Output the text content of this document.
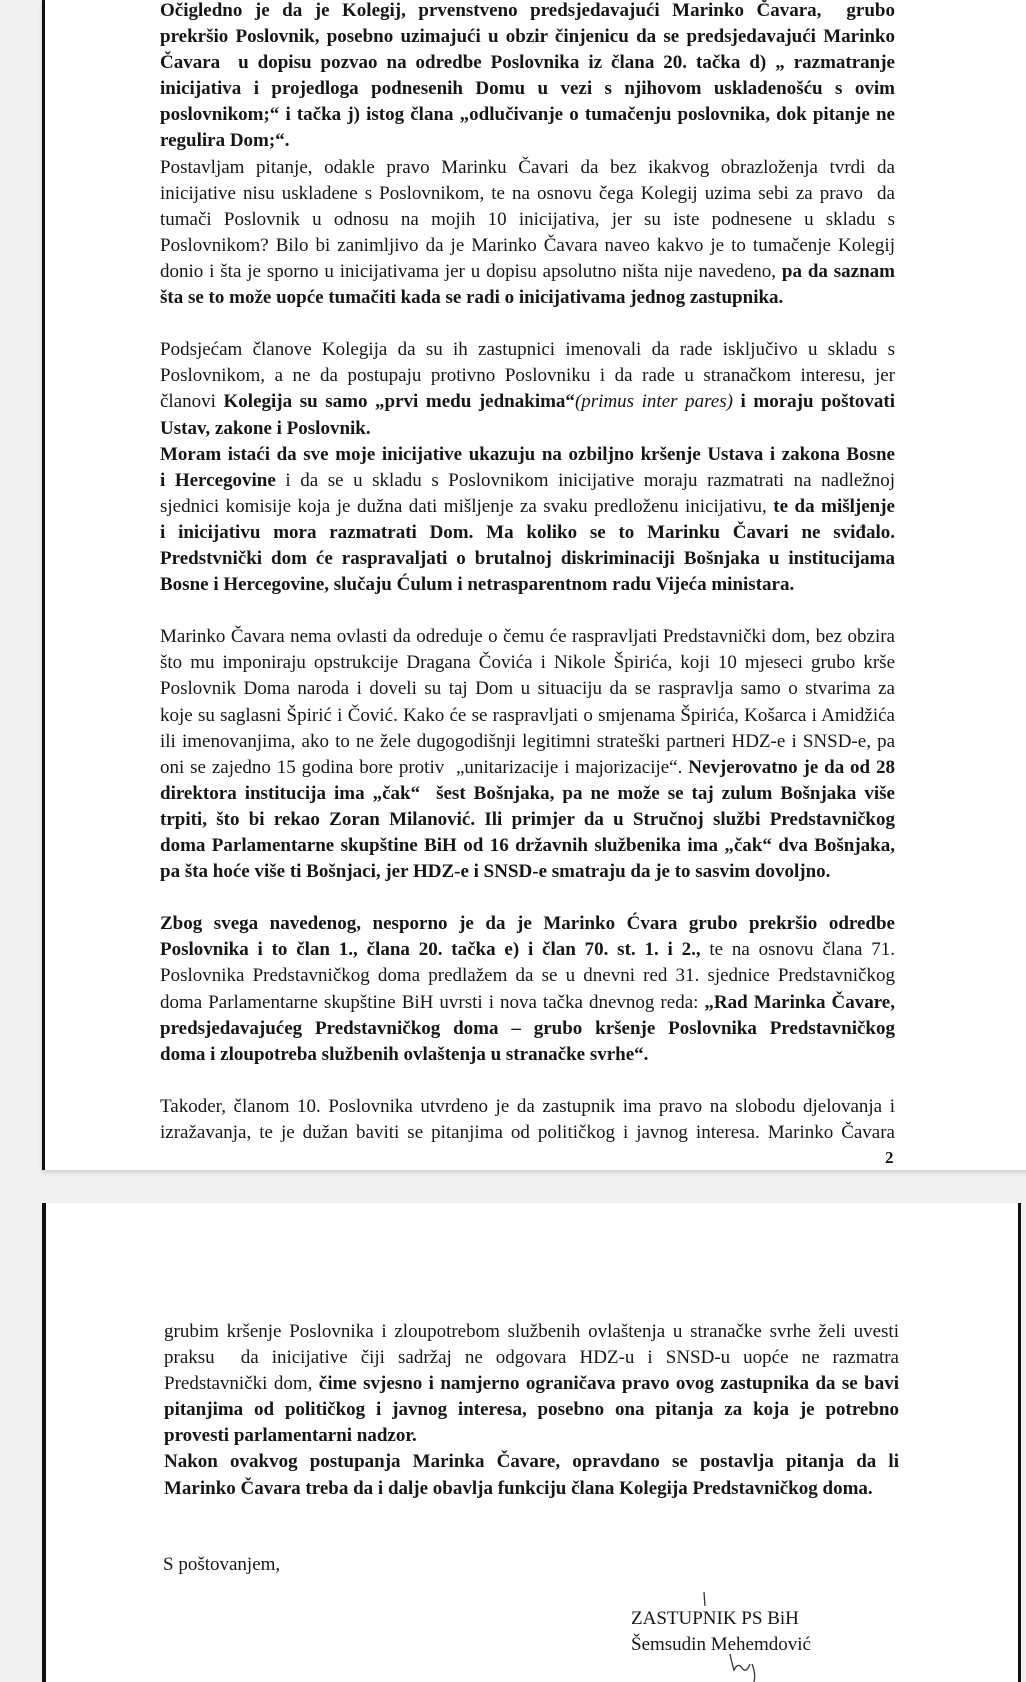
Očigledno je da je Kolegij, prvenstveno predsjedavajući Marinko Čavara,  grubo
prekršio Poslovnik, posebno uzimajući u obzir činjenicu da se predsjedavajući Marinko
Čavara  u dopisu pozvao na odredbe Poslovnika iz člana 20. tačka d) „ razmatranje
inicijativa i projedloga podnesenih Domu u vezi s njihovom uskladenošću s ovim
poslovnikom;“ i tačka j) istog člana „odlučivanje o tumačenju poslovnika, dok pitanje ne
regulira Dom;“.
Postavljam pitanje, odakle pravo Marinku Čavari da bez ikakvog obrazloženja tvrdi da
inicijative nisu uskladene s Poslovnikom, te na osnovu čega Kolegij uzima sebi za pravo  da
tumači Poslovnik u odnosu na mojih 10 inicijativa, jer su iste podnesene u skladu s
Poslovnikom? Bilo bi zanimljivo da je Marinko Čavara naveo kakvo je to tumačenje Kolegij
donio i šta je sporno u inicijativama jer u dopisu apsolutno ništa nije navedeno, pa da saznam
šta se to može uopće tumačiti kada se radi o inicijativama jednog zastupnika.
Podsjećam članove Kolegija da su ih zastupnici imenovali da rade isključivo u skladu s
Poslovnikom, a ne da postupaju protivno Poslovniku i da rade u stranačkom interesu, jer
članovi Kolegija su samo „prvi medu jednakima“(primus inter pares) i moraju poštovati
Ustav, zakone i Poslovnik.
Moram istaći da sve moje inicijative ukazuju na ozbiljno kršenje Ustava i zakona Bosne
i Hercegovine i da se u skladu s Poslovnikom inicijative moraju razmatrati na nadležnoj
sjednici komisije koja je dužna dati mišljenje za svaku predloženu inicijativu, te da mišljenje
i inicijativu mora razmatrati Dom. Ma koliko se to Marinku Čavari ne sviđalo.
Predstvnički dom će raspravaljati o brutalnoj diskriminaciji Bošnjaka u institucijama
Bosne i Hercegovine, slučaju Ćulum i netrasparentnom radu Vijeća ministara.
Marinko Čavara nema ovlasti da odreduje o čemu će raspravljati Predstavnički dom, bez obzira
što mu imponiraju opstrukcije Dragana Čovića i Nikole Špirića, koji 10 mjeseci grubo krše
Poslovnik Doma naroda i doveli su taj Dom u situaciju da se raspravlja samo o stvarima za
koje su saglasni Špirić i Čović. Kako će se raspravljati o smjenama Špirića, Košarca i Amidžića
ili imenovanjima, ako to ne žele dugogodišnji legitimni strateški partneri HDZ-e i SNSD-e, pa
oni se zajedno 15 godina bore protiv  „unitarizacije i majorizacije“. Nevjerovatno je da od 28
direktora institucija ima „čak“  šest Bošnjaka, pa ne može se taj zulum Bošnjaka više
trpiti, što bi rekao Zoran Milanović. Ili primjer da u Stručnoj službi Predstavničkog
doma Parlamentarne skupštine BiH od 16 državnih službenika ima „čak“ dva Bošnjaka,
pa šta hoće više ti Bošnjaci, jer HDZ-e i SNSD-e smatraju da je to sasvim dovoljno.
Zbog svega navedenog, nesporno je da je Marinko Ćvara grubo prekršio odredbe
Poslovnika i to član 1., člana 20. tačka e) i član 70. st. 1. i 2., te na osnovu člana 71.
Poslovnika Predstavničkog doma predlažem da se u dnevni red 31. sjednice Predstavničkog
doma Parlamentarne skupštine BiH uvrsti i nova tačka dnevnog reda: „Rad Marinka Čavare,
predsjedavajućeg Predstavničkog doma – grubo kršenje Poslovnika Predstavničkog
doma i zloupotreba službenih ovlaštenja u stranačke svrhe“.
Takoder, članom 10. Poslovnika utvrdeno je da zastupnik ima pravo na slobodu djelovanja i
izražavanja, te je dužan baviti se pitanjima od političkog i javnog interesa. Marinko Čavara
2
grubim kršenje Poslovnika i zloupotrebom službenih ovlaštenja u stranačke svrhe želi uvesti
praksu  da inicijative čiji sadržaj ne odgovara HDZ-u i SNSD-u uopće ne razmatra
Predstavnički dom, čime svjesno i namjerno ograničava pravo ovog zastupnika da se bavi
pitanjima od političkog i javnog interesa, posebno ona pitanja za koja je potrebno
provesti parlamentarni nadzor.
Nakon ovakvog postupanja Marinka Čavare, opravdano se postavlja pitanja da li
Marinko Čavara treba da i dalje obavlja funkciju člana Kolegija Predstavničkog doma.
S poštovanjem,
ZASTUPNIK PS BiH
Šemsudin Mehemdović
